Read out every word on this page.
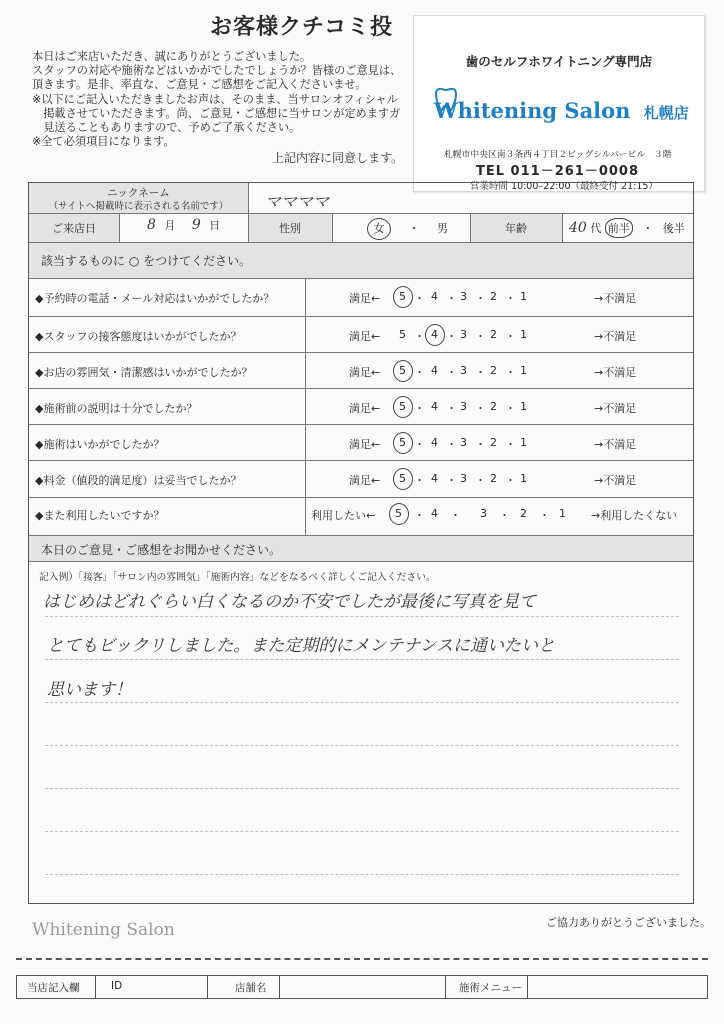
お客様クチコミ投
本日はご来店いただき、誠にありがとうございました。
スタッフの対応や施術などはいかがでしたでしょうか？皆様のご意見は、
頂きます。是非、率直な、ご意見・ご感想をご記入くださいませ。
※以下にご記入いただきましたお声は、そのまま、当サロンオフィシャル
　掲載させていただきます。尚、ご意見・ご感想に当サロンが定めますガ
　見送ることもありますので、予めご了承ください。
※全て必須項目になります。
上記内容に同意します。
歯のセルフホワイトニング専門店
Whitening Salon 札幌店
札幌市中央区南３条西４丁目２ビッグシルバービル　３階
TEL 011－261－0008
営業時間 10:00–22:00（最終受付 21:15）
ニックネーム
（サイトへ掲載時に表示される名前です）	ママママ
ご来店日	8 月 9 日	性別	女 ・ 男	年齢	40 代 前半 ・ 後半
該当するものに ○ をつけてください。
◆予約時の電話・メール対応はいかがでしたか？	満足← 5 ・ 4 ・ 3 ・ 2 ・ 1	→不満足
◆スタッフの接客態度はいかがでしたか？	満足← 5 ・ 4 ・ 3 ・ 2 ・ 1	→不満足
◆お店の雰囲気・清潔感はいかがでしたか？	満足← 5 ・ 4 ・ 3 ・ 2 ・ 1	→不満足
◆施術前の説明は十分でしたか？	満足← 5 ・ 4 ・ 3 ・ 2 ・ 1	→不満足
◆施術はいかがでしたか？	満足← 5 ・ 4 ・ 3 ・ 2 ・ 1	→不満足
◆料金（値段的満足度）は妥当でしたか？	満足← 5 ・ 4 ・ 3 ・ 2 ・ 1	→不満足
◆また利用したいですか？	利用したい← 5 ・ 4 ・ 3 ・ 2 ・ 1 →利用したくない
本日のご意見・ご感想をお聞かせください。
記入例）「接客」「サロン内の雰囲気」「施術内容」などをなるべく詳しくご記入ください。
はじめはどれぐらい白くなるのか不安でしたが最後に写真を見て
とてもビックリしました。また定期的にメンテナンスに通いたいと
思います！
Whitening Salon	ご協力ありがとうございました。
当店記入欄	ID	店舗名	施術メニュー
